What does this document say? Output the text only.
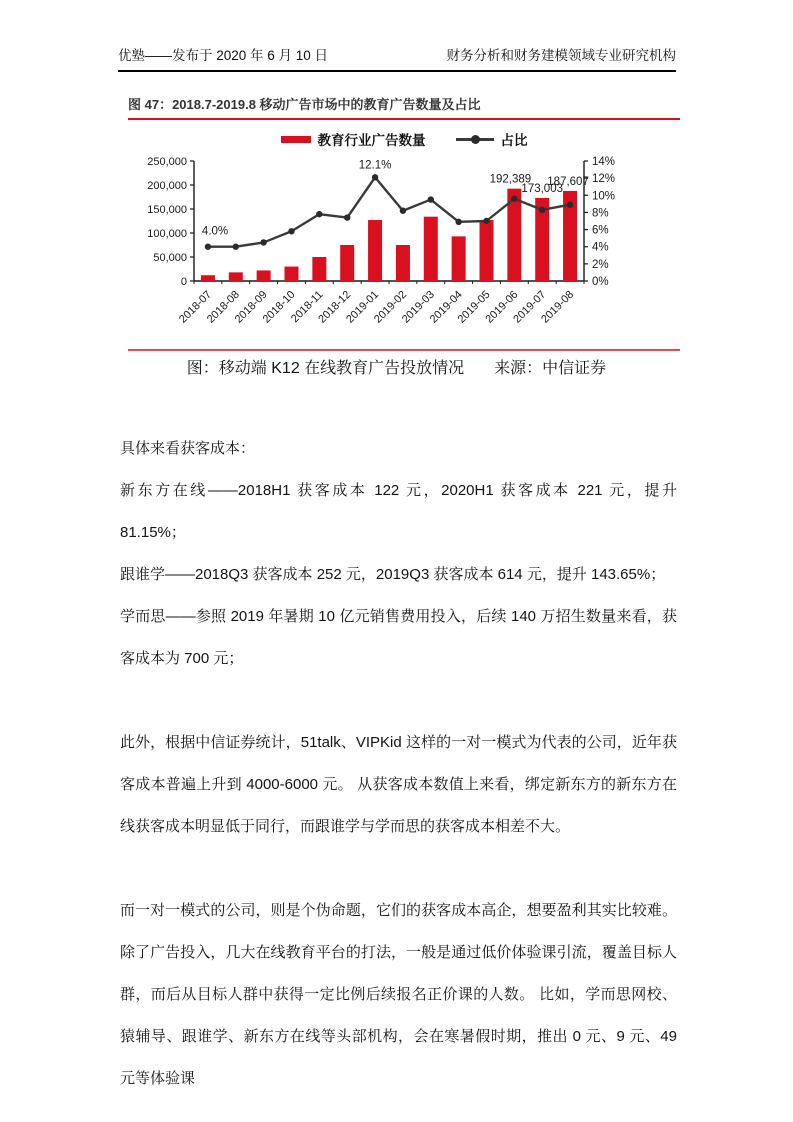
优塾——发布于 2020 年 6 月 10 日	财务分析和财务建模领域专业研究机构
图 47：2018.7-2019.8 移动广告市场中的教育广告数量及占比
教育行业广告数量	占比
0
50,000
100,000
150,000
200,000
250,000
0%
2%
4%
6%
8%
10%
12%
14%
4.0%
12.1%
192,389
173,003
187,607
2018-07
2018-08
2018-09
2018-10
2018-11
2018-12
2019-01
2019-02
2019-03
2019-04
2019-05
2019-06
2019-07
2019-08
图：移动端 K12 在线教育广告投放情况 来源：中信证券

具体来看获客成本：

新东方在线——2018H1 获客成本 122 元，2020H1 获客成本 221 元，提升 81.15%；

跟谁学——2018Q3 获客成本 252 元，2019Q3 获客成本 614 元，提升 143.65%；

学而思——参照 2019 年暑期 10 亿元销售费用投入，后续 140 万招生数量来看，获客成本为 700 元；

此外，根据中信证券统计，51talk、VIPKid 这样的一对一模式为代表的公司，近年获客成本普遍上升到 4000-6000 元。 从获客成本数值上来看，绑定新东方的新东方在线获客成本明显低于同行，而跟谁学与学而思的获客成本相差不大。

而一对一模式的公司，则是个伪命题，它们的获客成本高企，想要盈利其实比较难。 除了广告投入，几大在线教育平台的打法，一般是通过低价体验课引流，覆盖目标人群，而后从目标人群中获得一定比例后续报名正价课的人数。 比如，学而思网校、猿辅导、跟谁学、新东方在线等头部机构，会在寒暑假时期，推出 0 元、9 元、49 元等体验课
